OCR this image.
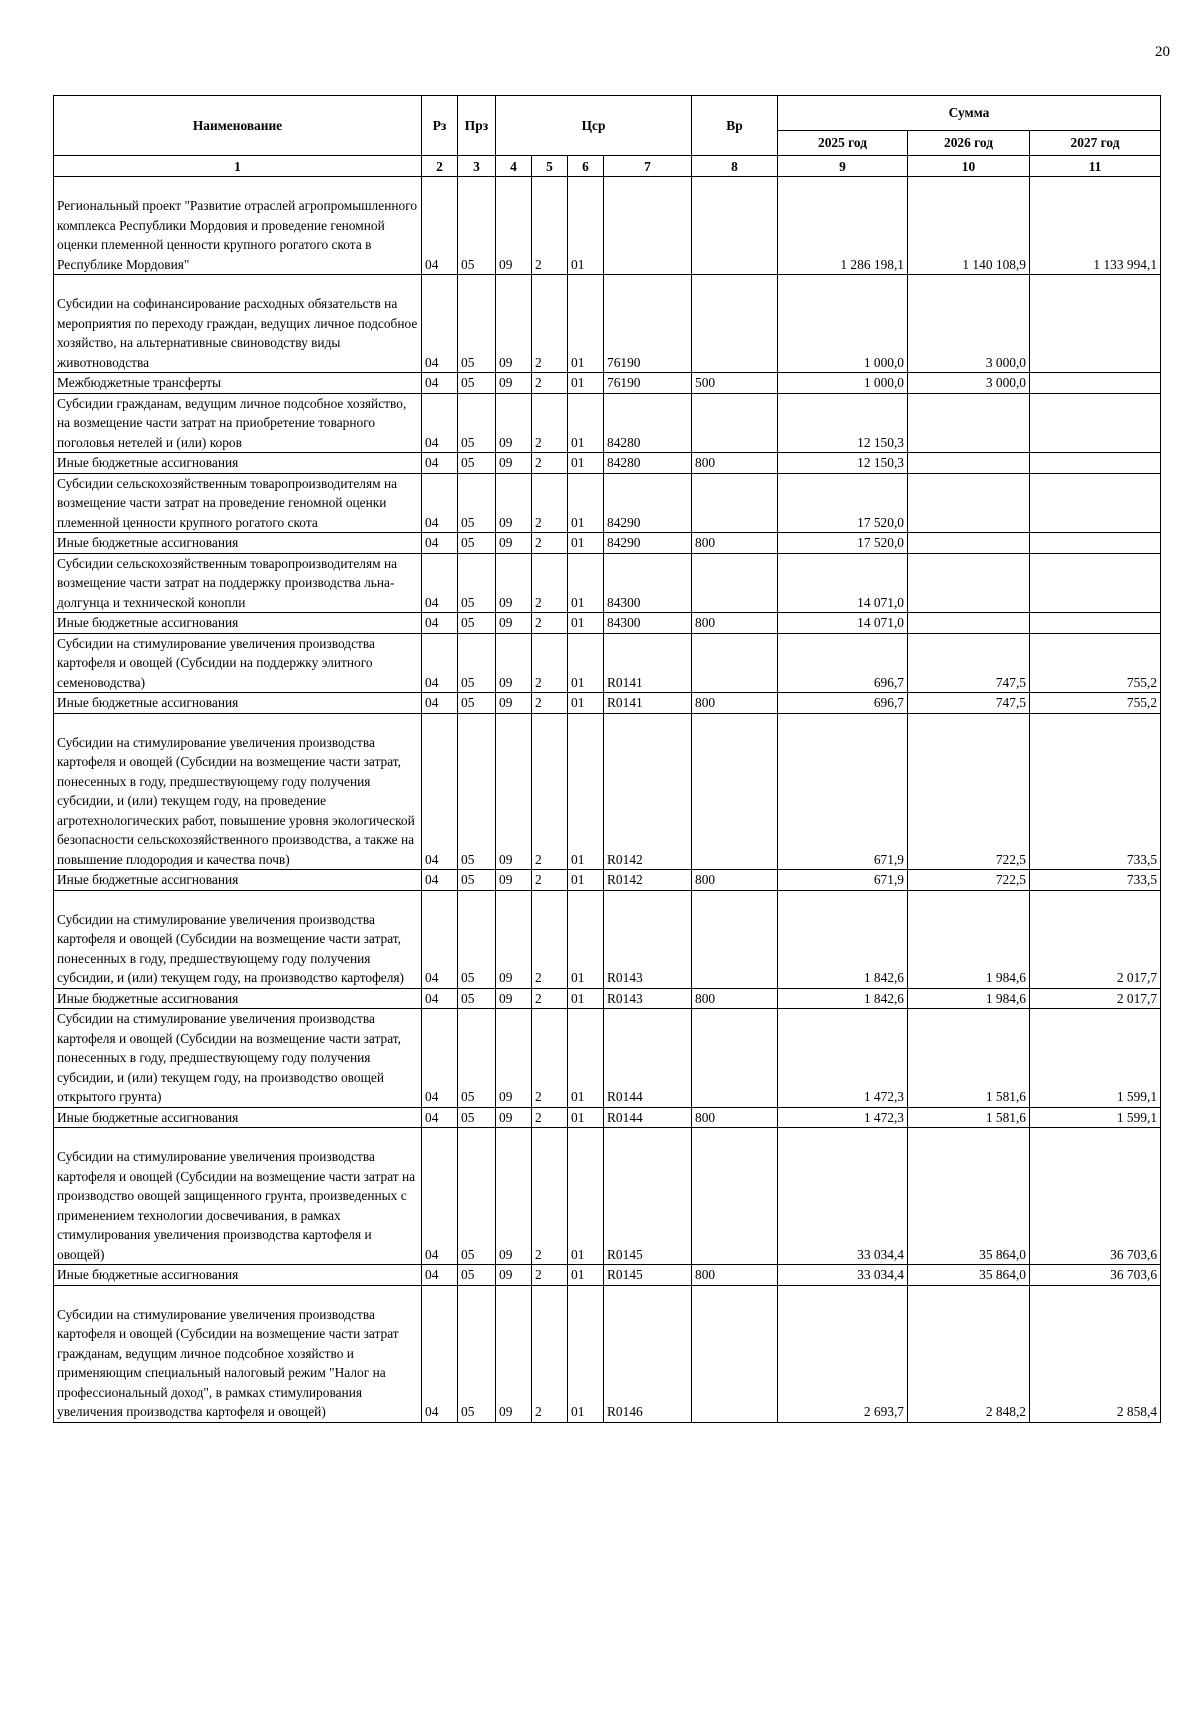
20
Наименование	Рз	Прз	Цср				Вр	Сумма		
								2025 год	2026 год	2027 год
1	2	3	4	5	6	7	8	9	10	11

Региональный проект "Развитие отраслей агропромышленного комплекса Республики Мордовия и проведение геномной оценки племенной ценности крупного рогатого скота в Республике Мордовия"	04	05	09	2	01			1 286 198,1	1 140 108,9	1 133 994,1

Субсидии на софинансирование расходных обязательств на мероприятия по переходу граждан, ведущих личное подсобное хозяйство, на альтернативные свиноводству виды животноводства	04	05	09	2	01	76190		1 000,0	3 000,0	
Межбюджетные трансферты	04	05	09	2	01	76190	500	1 000,0	3 000,0	
Субсидии гражданам, ведущим личное подсобное хозяйство, на возмещение части затрат на приобретение товарного поголовья нетелей и (или) коров	04	05	09	2	01	84280		12 150,3		
Иные бюджетные ассигнования	04	05	09	2	01	84280	800	12 150,3		
Субсидии сельскохозяйственным товаропроизводителям на возмещение части затрат на проведение геномной оценки племенной ценности крупного рогатого скота	04	05	09	2	01	84290		17 520,0		
Иные бюджетные ассигнования	04	05	09	2	01	84290	800	17 520,0		
Субсидии сельскохозяйственным товаропроизводителям на возмещение части затрат на поддержку производства льна-долгунца и технической конопли	04	05	09	2	01	84300		14 071,0		
Иные бюджетные ассигнования	04	05	09	2	01	84300	800	14 071,0		
Субсидии на стимулирование увеличения производства картофеля и овощей (Субсидии на поддержку элитного семеноводства)	04	05	09	2	01	R0141		696,7	747,5	755,2
Иные бюджетные ассигнования	04	05	09	2	01	R0141	800	696,7	747,5	755,2

Субсидии на стимулирование увеличения производства картофеля и овощей (Субсидии на возмещение части затрат, понесенных в году, предшествующему году получения субсидии, и (или) текущем году, на проведение агротехнологических работ, повышение уровня экологической безопасности сельскохозяйственного производства, а также на повышение плодородия и качества почв)	04	05	09	2	01	R0142		671,9	722,5	733,5
Иные бюджетные ассигнования	04	05	09	2	01	R0142	800	671,9	722,5	733,5

Субсидии на стимулирование увеличения производства картофеля и овощей (Субсидии на возмещение части затрат, понесенных в году, предшествующему году получения субсидии, и (или) текущем году, на производство картофеля)	04	05	09	2	01	R0143		1 842,6	1 984,6	2 017,7
Иные бюджетные ассигнования	04	05	09	2	01	R0143	800	1 842,6	1 984,6	2 017,7
Субсидии на стимулирование увеличения производства картофеля и овощей (Субсидии на возмещение части затрат, понесенных в году, предшествующему году получения субсидии, и (или) текущем году, на производство овощей открытого грунта)	04	05	09	2	01	R0144		1 472,3	1 581,6	1 599,1
Иные бюджетные ассигнования	04	05	09	2	01	R0144	800	1 472,3	1 581,6	1 599,1

Субсидии на стимулирование увеличения производства картофеля и овощей (Субсидии на возмещение части затрат на производство овощей защищенного грунта, произведенных с применением технологии досвечивания, в рамках стимулирования увеличения производства картофеля и овощей)	04	05	09	2	01	R0145		33 034,4	35 864,0	36 703,6
Иные бюджетные ассигнования	04	05	09	2	01	R0145	800	33 034,4	35 864,0	36 703,6

Субсидии на стимулирование увеличения производства картофеля и овощей (Субсидии на возмещение части затрат гражданам, ведущим личное подсобное хозяйство и применяющим специальный налоговый режим "Налог на профессиональный доход", в рамках стимулирования увеличения производства картофеля и овощей)	04	05	09	2	01	R0146		2 693,7	2 848,2	2 858,4
